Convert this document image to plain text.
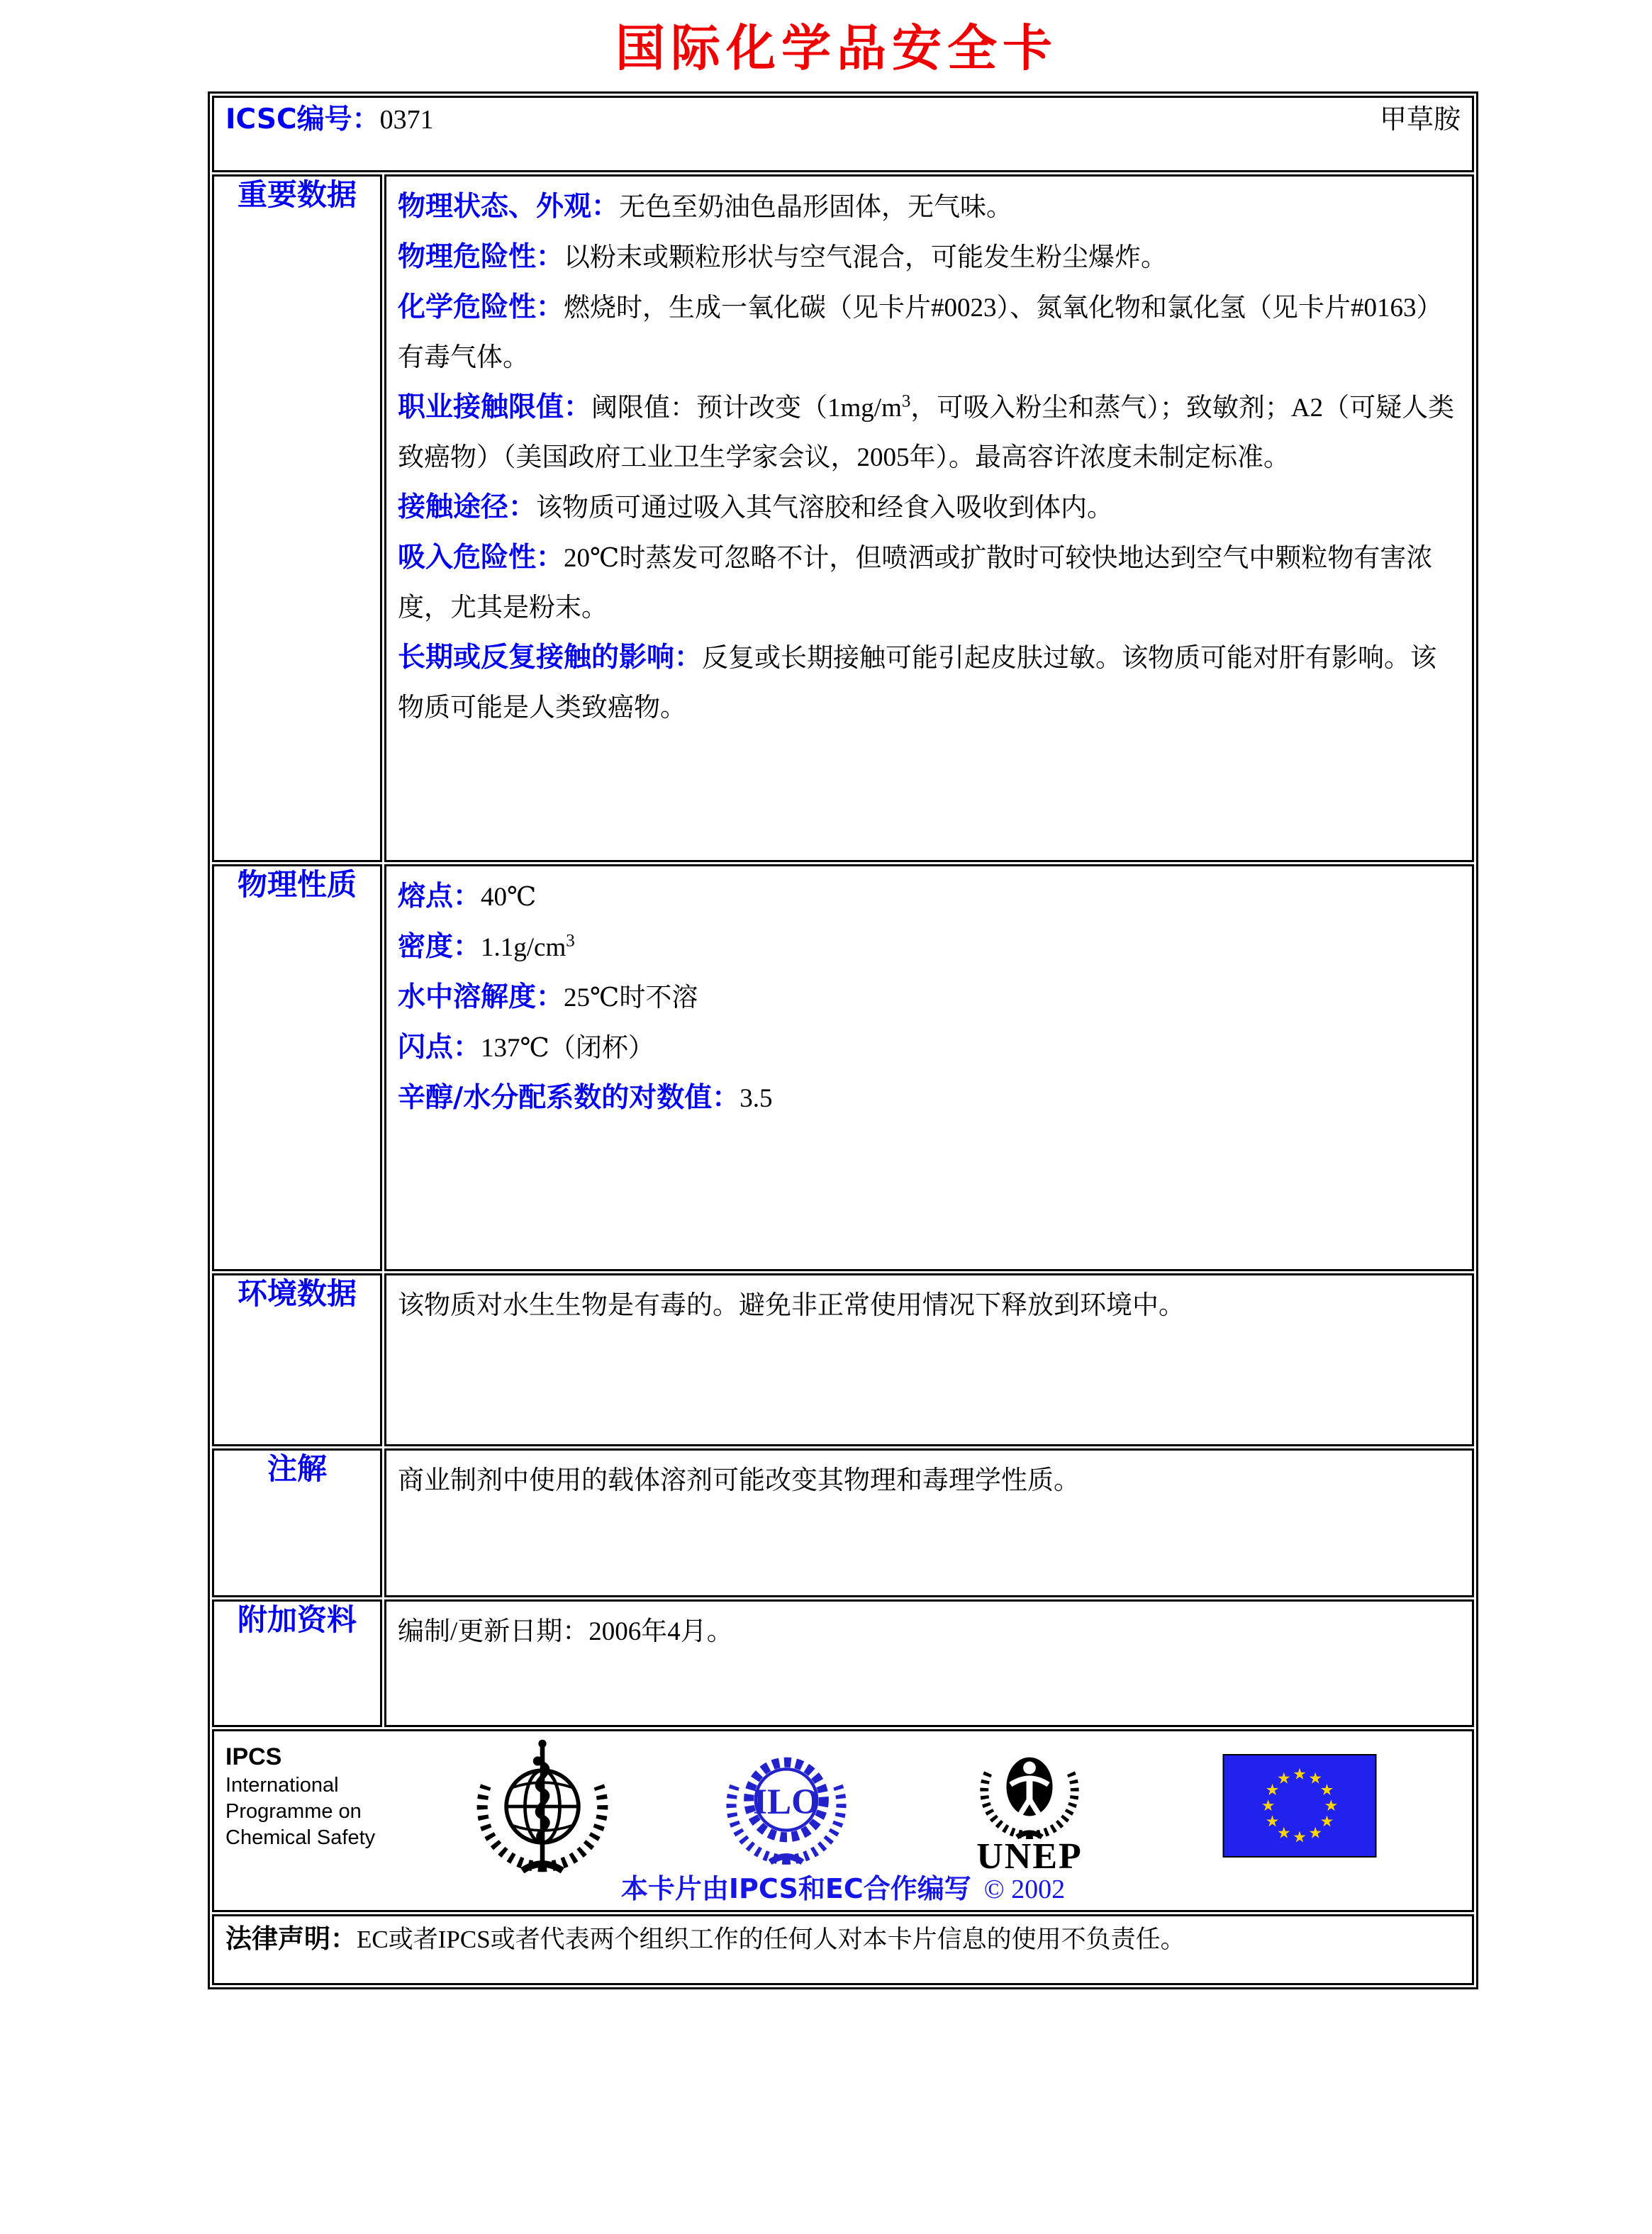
国际化学品安全卡
ICSC编号：0371 甲草胺	

重要数据	物理状态、外观：无色至奶油色晶形固体，无气味。

物理危险性：以粉末或颗粒形状与空气混合，可能发生粉尘爆炸。

化学危险性：燃烧时，生成一氧化碳（见卡片#0023）、氮氧化物和氯化氢（见卡片#0163）有毒气体。

职业接触限值：阈限值：预计改变（$1mg/m^3$，可吸入粉尘和蒸气）；致敏剂；A2（可疑人类致癌物）（美国政府工业卫生学家会议，2005年）。最高容许浓度未制定标准。

接触途径：该物质可通过吸入其气溶胶和经食入吸收到体内。

吸入危险性：20℃时蒸发可忽略不计，但喷洒或扩散时可较快地达到空气中颗粒物有害浓度，尤其是粉末。

长期或反复接触的影响：反复或长期接触可能引起皮肤过敏。该物质可能对肝有影响。该物质可能是人类致癌物。

物理性质	熔点：40℃

密度：$1.1g/cm^3$

水中溶解度：25℃时不溶

闪点：137℃（闭杯）

辛醇/水分配系数的对数值：3.5

环境数据	该物质对水生生物是有毒的。避免非正常使用情况下释放到环境中。

注解	商业制剂中使用的载体溶剂可能改变其物理和毒理学性质。

附加资料	编制/更新日期：2006年4月。

IPCS
International
Programme on
Chemical Safety
ILO
UNEP
本卡片由IPCS和EC合作编写 © 2002

法律声明：EC或者IPCS或者代表两个组织工作的任何人对本卡片信息的使用不负责任。	
